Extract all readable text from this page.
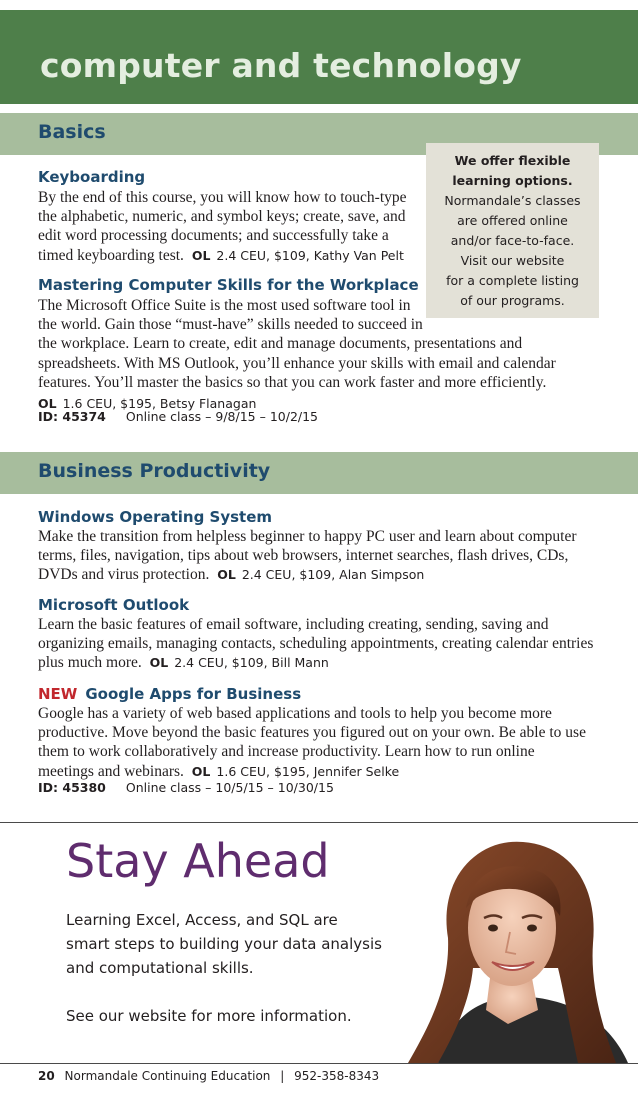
computer and technology
Basics
Keyboarding
By the end of this course, you will know how to touch-type
the alphabetic, numeric, and symbol keys; create, save, and
edit word processing documents; and successfully take a
timed keyboarding test. OL 2.4 CEU, $109, Kathy Van Pelt
Mastering Computer Skills for the Workplace
The Microsoft Office Suite is the most used software tool in
the world. Gain those “must-have” skills needed to succeed in
the workplace. Learn to create, edit and manage documents, presentations and
spreadsheets. With MS Outlook, you’ll enhance your skills with email and calendar
features. You’ll master the basics so that you can work faster and more efficiently.
OL 1.6 CEU, $195, Betsy Flanagan
ID: 45374 Online class – 9/8/15 – 10/2/15
We offer flexible
learning options.
Normandale’s classes
are offered online
and/or face-to-face.
Visit our website
for a complete listing
of our programs.
Business Productivity
Windows Operating System
Make the transition from helpless beginner to happy PC user and learn about computer
terms, files, navigation, tips about web browsers, internet searches, flash drives, CDs,
DVDs and virus protection. OL 2.4 CEU, $109, Alan Simpson
Microsoft Outlook
Learn the basic features of email software, including creating, sending, saving and
organizing emails, managing contacts, scheduling appointments, creating calendar entries
plus much more. OL 2.4 CEU, $109, Bill Mann
NEW Google Apps for Business
Google has a variety of web based applications and tools to help you become more
productive. Move beyond the basic features you figured out on your own. Be able to use
them to work collaboratively and increase productivity. Learn how to run online
meetings and webinars. OL 1.6 CEU, $195, Jennifer Selke
ID: 45380 Online class – 10/5/15 – 10/30/15
Stay Ahead

Learning Excel, Access, and SQL are

smart steps to building your data analysis

and computational skills.

See our website for more information.

20 Normandale Continuing Education | 952-358-8343
